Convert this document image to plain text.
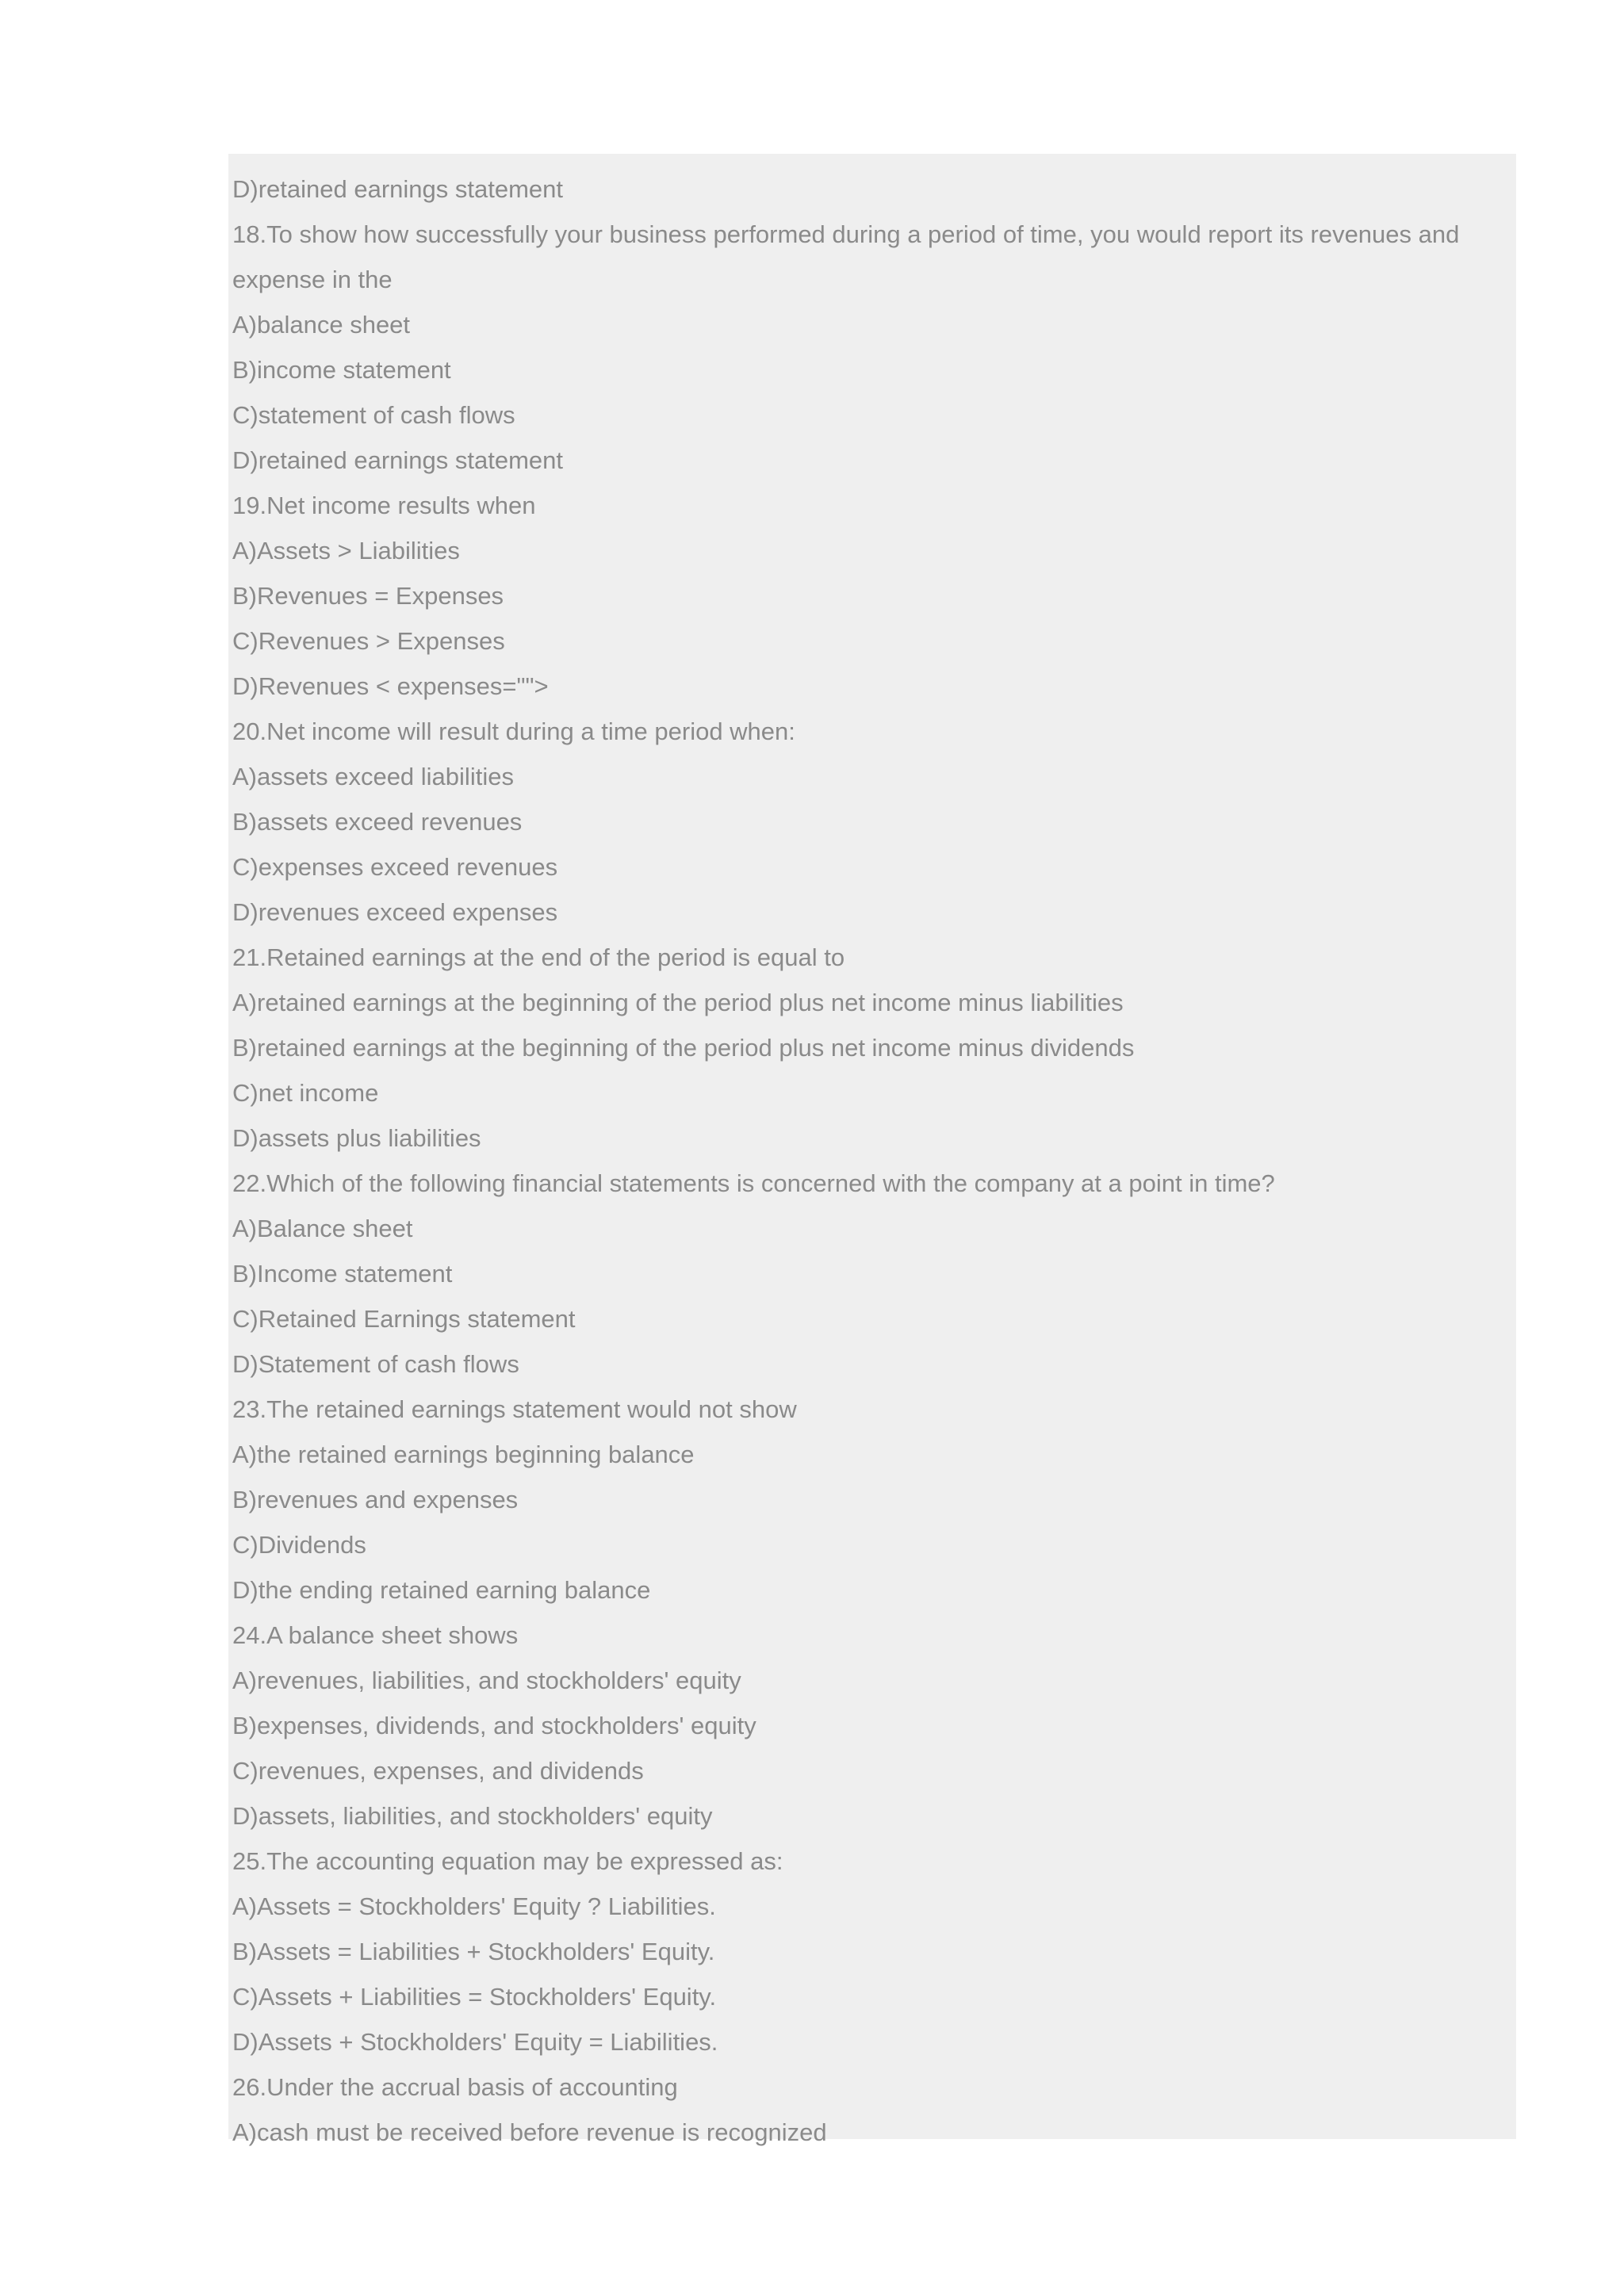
D)retained earnings statement
18.To show how successfully your business performed during a period of time, you would report its revenues and expense in the
A)balance sheet
B)income statement
C)statement of cash flows
D)retained earnings statement
19.Net income results when
A)Assets > Liabilities
B)Revenues = Expenses
C)Revenues > Expenses
D)Revenues < expenses="">
20.Net income will result during a time period when:
A)assets exceed liabilities
B)assets exceed revenues
C)expenses exceed revenues
D)revenues exceed expenses
21.Retained earnings at the end of the period is equal to
A)retained earnings at the beginning of the period plus net income minus liabilities
B)retained earnings at the beginning of the period plus net income minus dividends
C)net income
D)assets plus liabilities
22.Which of the following financial statements is concerned with the company at a point in time?
A)Balance sheet
B)Income statement
C)Retained Earnings statement
D)Statement of cash flows
23.The retained earnings statement would not show
A)the retained earnings beginning balance
B)revenues and expenses
C)Dividends
D)the ending retained earning balance
24.A balance sheet shows
A)revenues, liabilities, and stockholders' equity
B)expenses, dividends, and stockholders' equity
C)revenues, expenses, and dividends
D)assets, liabilities, and stockholders' equity
25.The accounting equation may be expressed as:
A)Assets = Stockholders' Equity ? Liabilities.
B)Assets = Liabilities + Stockholders' Equity.
C)Assets + Liabilities = Stockholders' Equity.
D)Assets + Stockholders' Equity = Liabilities.
26.Under the accrual basis of accounting
A)cash must be received before revenue is recognized
